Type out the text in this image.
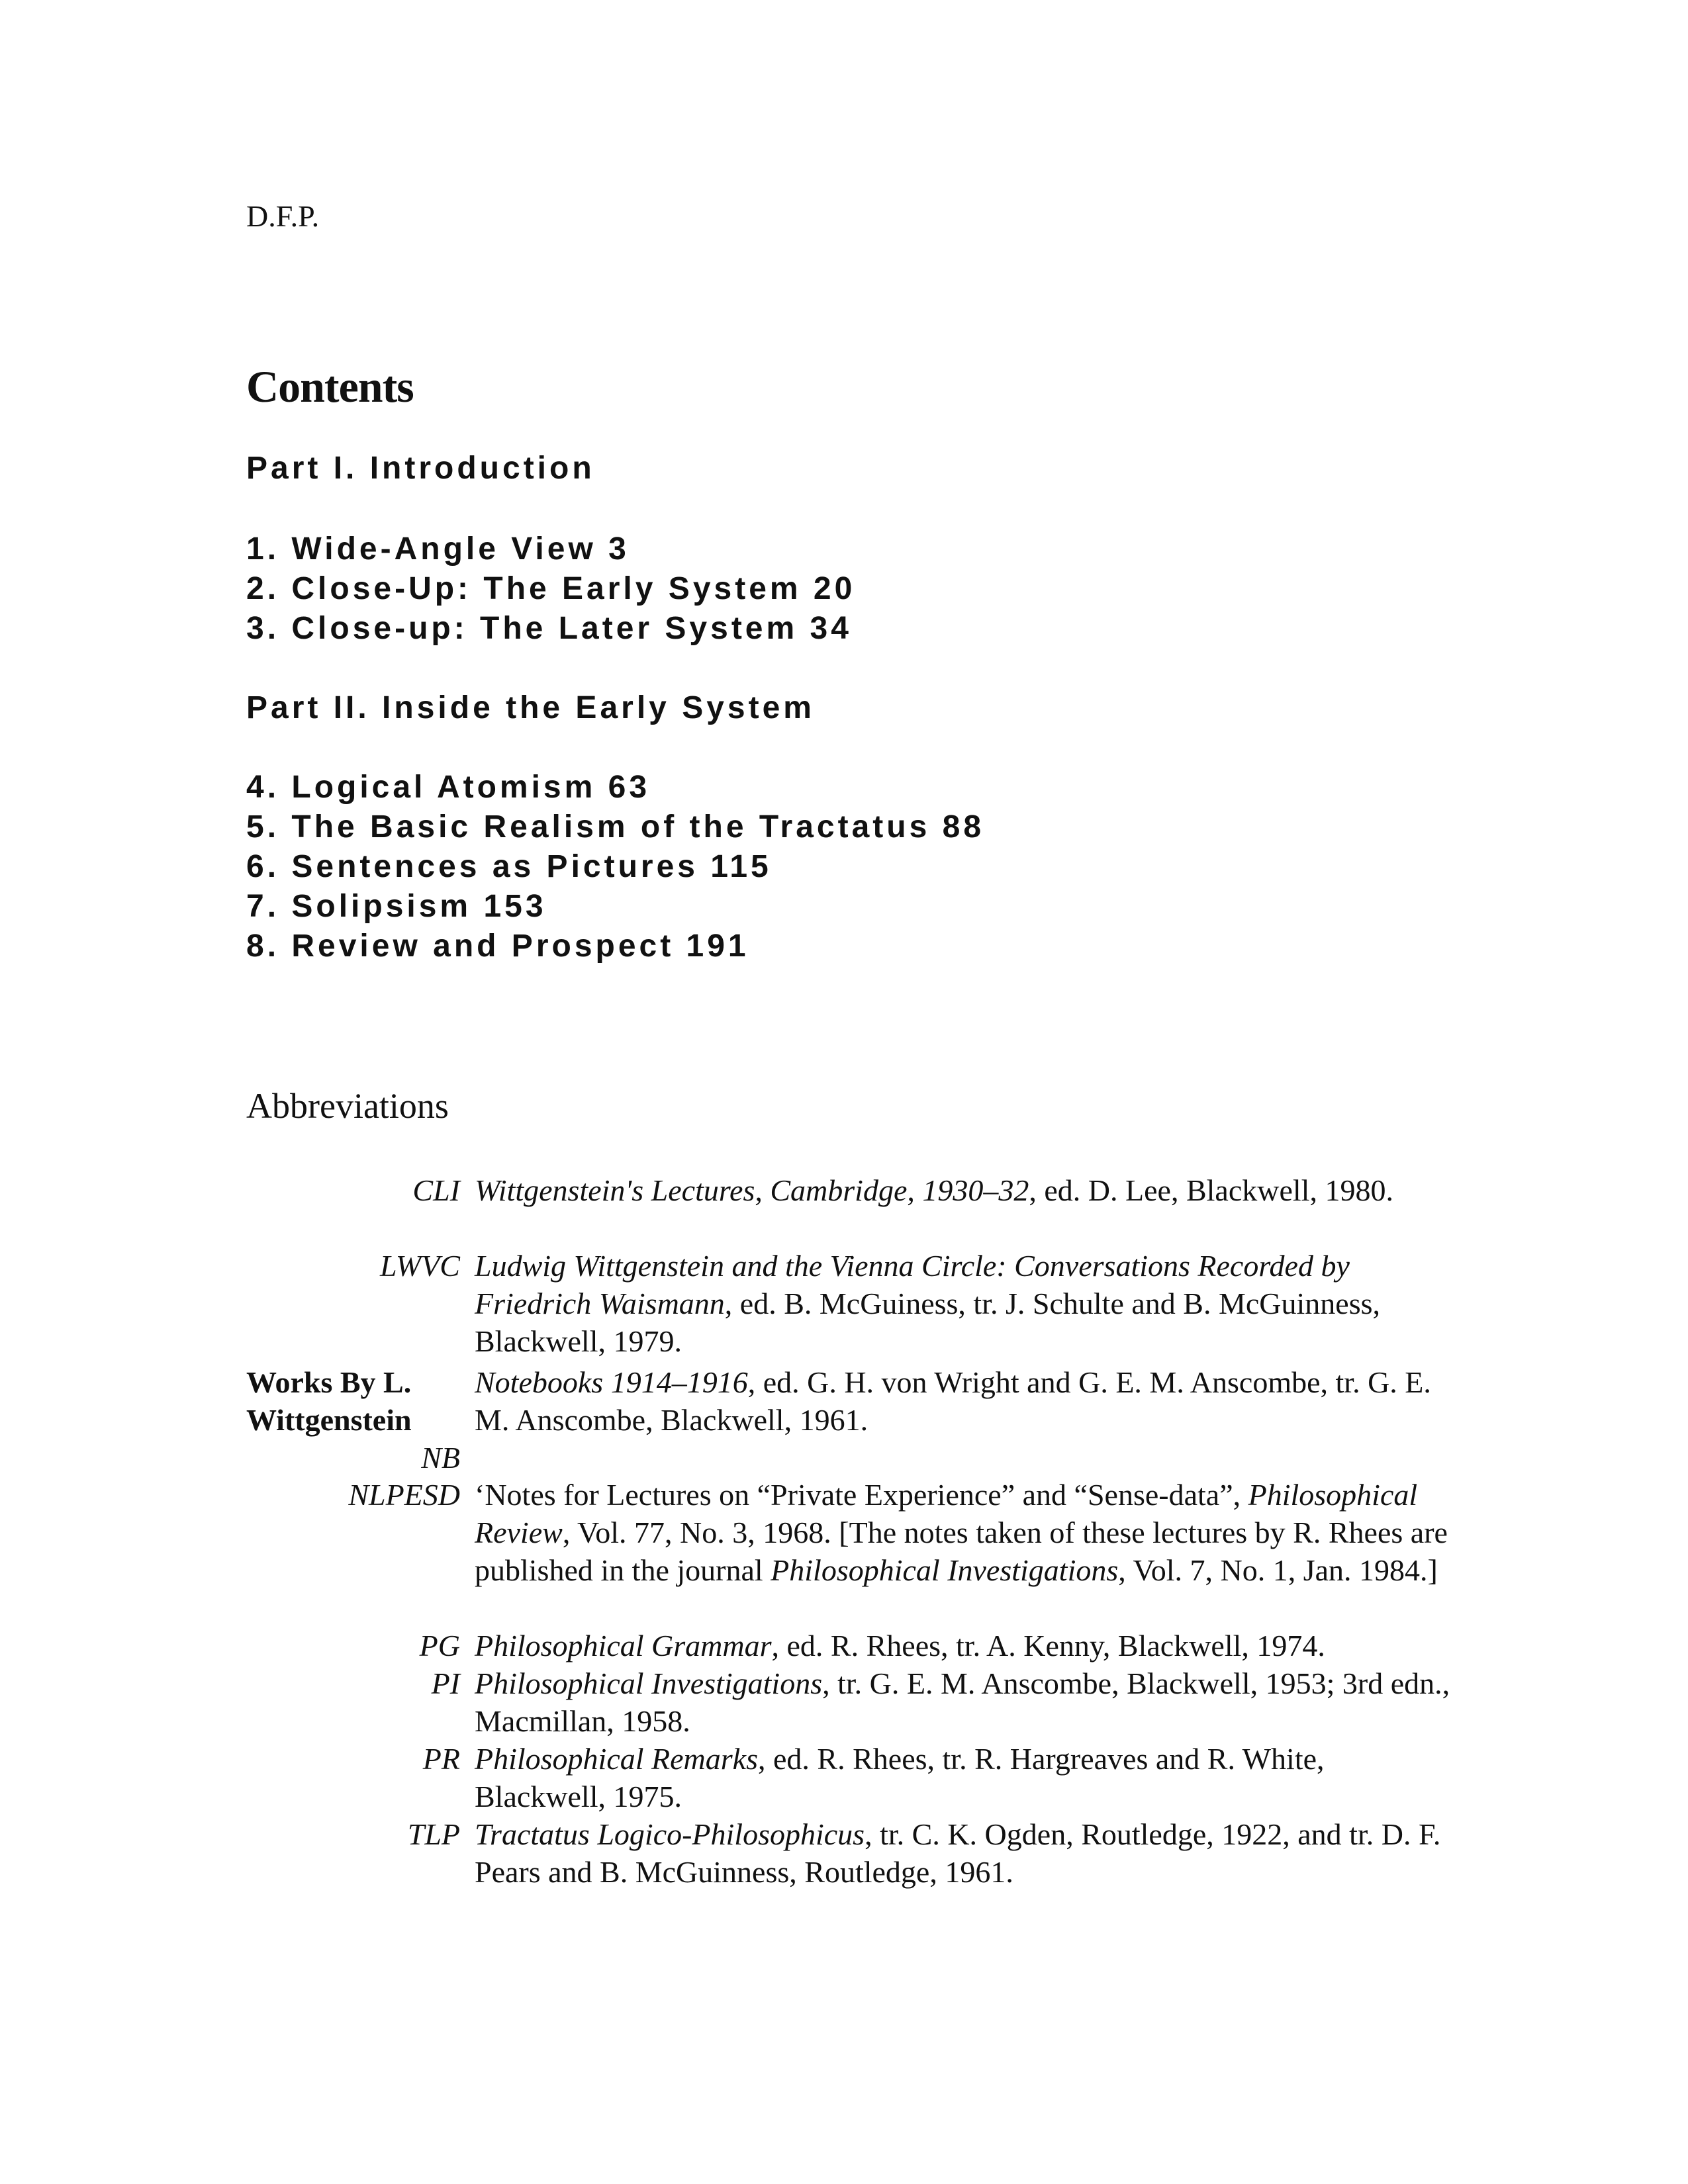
D.F.P.
Contents
Part I. Introduction
1. Wide-Angle View 3
2. Close-Up: The Early System 20
3. Close-up: The Later System 34
Part II. Inside the Early System
4. Logical Atomism 63
5. The Basic Realism of the Tractatus 88
6. Sentences as Pictures 115
7. Solipsism 153
8. Review and Prospect 191
Abbreviations
Works By L. Wittgenstein
CLI Wittgenstein's Lectures, Cambridge, 1930–32, ed. D. Lee, Blackwell, 1980.
LWVC Ludwig Wittgenstein and the Vienna Circle: Conversations Recorded by Friedrich Waismann, ed. B. McGuiness, tr. J. Schulte and B. McGuinness, Blackwell, 1979.
NB
Notebooks 1914–1916, ed. G. H. von Wright and G. E. M. Anscombe, tr. G. E. M. Anscombe, Blackwell, 1961.
NLPESD ‘Notes for Lectures on “Private Experience” and “Sense-data”, Philosophical Review, Vol. 77, No. 3, 1968. [The notes taken of these lectures by R. Rhees are published in the journal Philosophical Investigations, Vol. 7, No. 1, Jan. 1984.]
PG Philosophical Grammar, ed. R. Rhees, tr. A. Kenny, Blackwell, 1974.
PI Philosophical Investigations, tr. G. E. M. Anscombe, Blackwell, 1953; 3rd edn., Macmillan, 1958.
PR Philosophical Remarks, ed. R. Rhees, tr. R. Hargreaves and R. White, Blackwell, 1975.
TLP Tractatus Logico-Philosophicus, tr. C. K. Ogden, Routledge, 1922, and tr. D. F. Pears and B. McGuinness, Routledge, 1961.
